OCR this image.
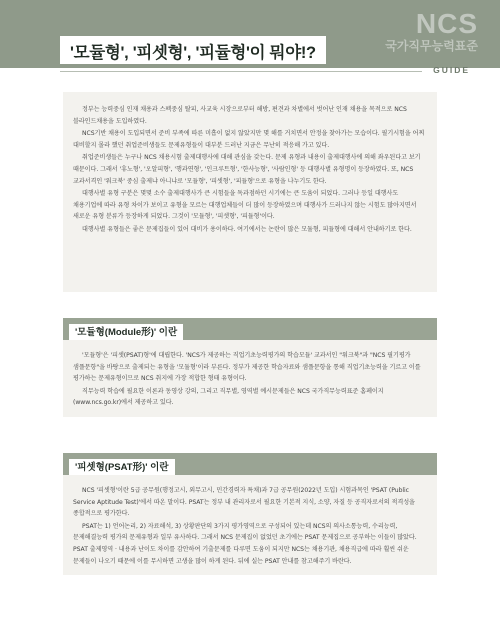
NCS
국가직무능력표준
'모듈형', '피셋형', '피듈형'이 뭐야!?
GUIDE

정부는 능력중심 인재 채용과 스펙중심 탈피, 사교육 시장으로부터 해방, 편견과 차별에서 벗어난 인재 채용을 목적으로 NCS 블라인드채용을 도입하였다.

NCS기반 채용이 도입되면서 준비 부족에 따른 미흡이 없지 않았지만 몇 해를 거치면서 안정을 찾아가는 모습이다. 필기시험을 어찌 대비할지 몰라 했던 취업준비생들도 문제유형들이 대부분 드러난 지금은 무난히 적응해 가고 있다.

취업준비생들은 누구나 NCS 채용시험 출제대행사에 대해 관심을 갖는다. 문제 유형과 내용이 출제대행사에 의해 좌우된다고 보기 때문이다. 그래서 '휴노형', '오알피형', '행과연형', '인크루트형', '한사능형', '사람인형' 등 대행사별 유형명이 등장하였다. 또, NCS 교과서격인 '워크북' 중심 출제냐 아니냐로 '모듈형', '피셋형', '피듈형'으로 유형을 나누기도 한다.

대행사별 유형 구분은 몇몇 소수 출제대행사가 큰 시험들을 독과점하던 시기에는 큰 도움이 되었다. 그러나 등일 대행사도 채용기업에 따라 유형 차이가 보이고 유형을 모르는 대행업체들이 더 많이 등장하였으며 대행사가 드러나지 않는 시험도 많아지면서 새로운 유형 분류가 등장하게 되었다. 그것이 '모듈형', '피셋형', '피듈형'이다.

대행사별 유형들은 좋은 문제집들이 있어 대비가 용이하다. 여기에서는 논란이 많은 모듈형, 피듈형에 대해서 안내하기로 한다.

'모듈형(Module形)' 이란

'모듈형'은 '피셋(PSAT)형'에 대립한다. 'NCS가 제공하는 직업기초능력평가의 학습모듈' 교과서인 "워크북"과 "NCS 필기평가 샘플문항"을 바탕으로 출제되는 유형을 '모듈형'이라 부른다. 정부가 제공한 학습자료와 샘플문항을 통해 직업기초능력을 기르고 이를 평가하는 문제유형이므로 NCS 취지에 가장 적합한 형태 유형이다.

직무능력 학습에 필요한 이론과 동영상 강의, 그리고 직무별, 영역별 예시문제들은 NCS 국가직무능력표준 홈페이지(www.ncs.go.kr)에서 제공하고 있다.

'피셋형(PSAT形)' 이란

NCS '피셋형'이란 5급 공무원(행정고시, 외무고시, 민간경력자 특채)과 7급 공무원(2022년 도입) 시험과목인 'PSAT (Public Service Aptitude Test)'에서 따온 말이다. PSAT는 정부 내 관리자로서 필요한 기본적 지식, 소양, 자질 등 공직자로서의 적격성을 종합적으로 평가한다.

PSAT는 1) 언어논리, 2) 자료해석, 3) 상황판단의 3가지 평가영역으로 구성되어 있는데 NCS의 의사소통능력, 수리능력, 문제해결능력 평가의 문제유형과 일부 유사하다. 그래서 NCS 문제집이 없었던 초기에는 PSAT 문제집으로 공부하는 이들이 많았다. PSAT 출제영역 · 내용과 난이도 차이를 감안하여 기출문제를 다루면 도움이 되지만 NCS는 채용기관, 채용직급에 따라 훨씬 쉬운 문제들이 나오기 때문에 이를 무시하면 고생을 많이 하게 된다. 뒤에 실는 PSAT 안내를 참고해주기 바란다.
